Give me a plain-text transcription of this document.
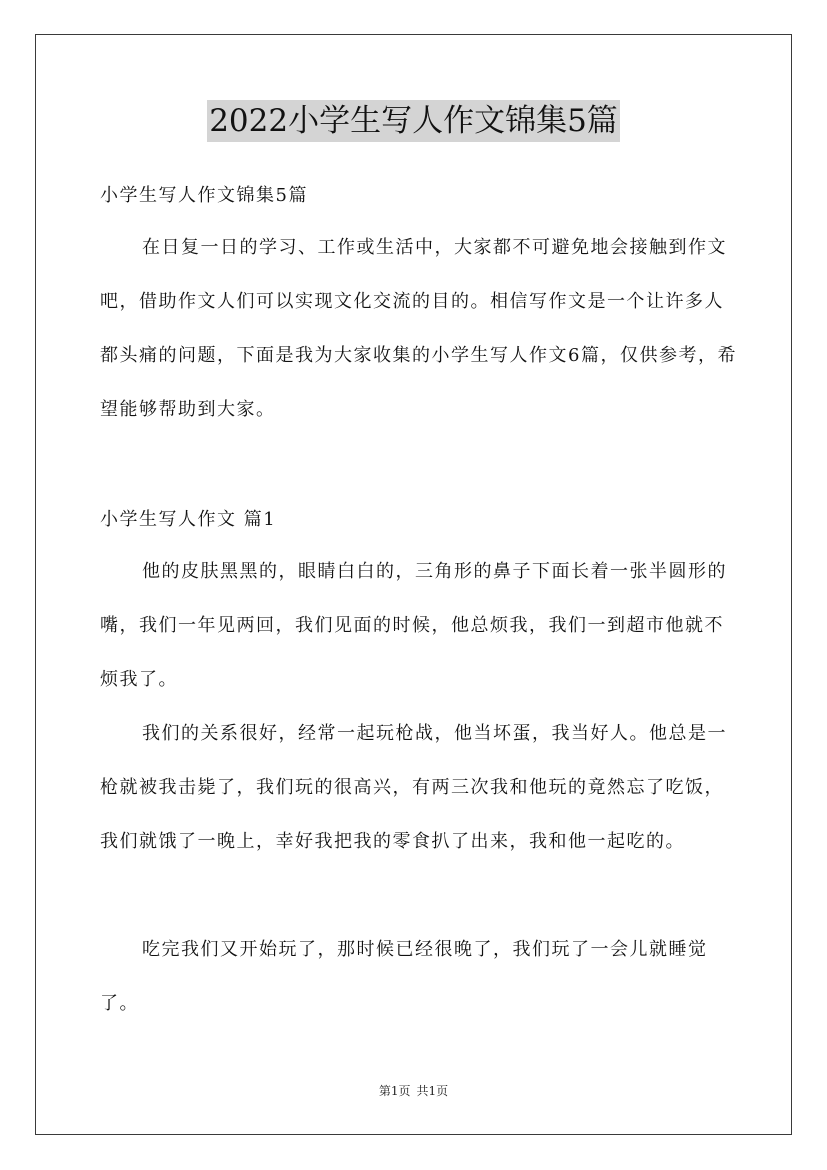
2022小学生写人作文锦集5篇

小学生写人作文锦集5篇

在日复一日的学习、工作或生活中，大家都不可避免地会接触到作文吧，借助作文人们可以实现文化交流的目的。相信写作文是一个让许多人都头痛的问题，下面是我为大家收集的小学生写人作文6篇，仅供参考，希望能够帮助到大家。

小学生写人作文 篇1

他的皮肤黑黑的，眼睛白白的，三角形的鼻子下面长着一张半圆形的嘴，我们一年见两回，我们见面的时候，他总烦我，我们一到超市他就不烦我了。

我们的关系很好，经常一起玩枪战，他当坏蛋，我当好人。他总是一枪就被我击毙了，我们玩的很高兴，有两三次我和他玩的竟然忘了吃饭，我们就饿了一晚上，幸好我把我的零食扒了出来，我和他一起吃的。

吃完我们又开始玩了，那时候已经很晚了，我们玩了一会儿就睡觉了。

第1页 共1页
